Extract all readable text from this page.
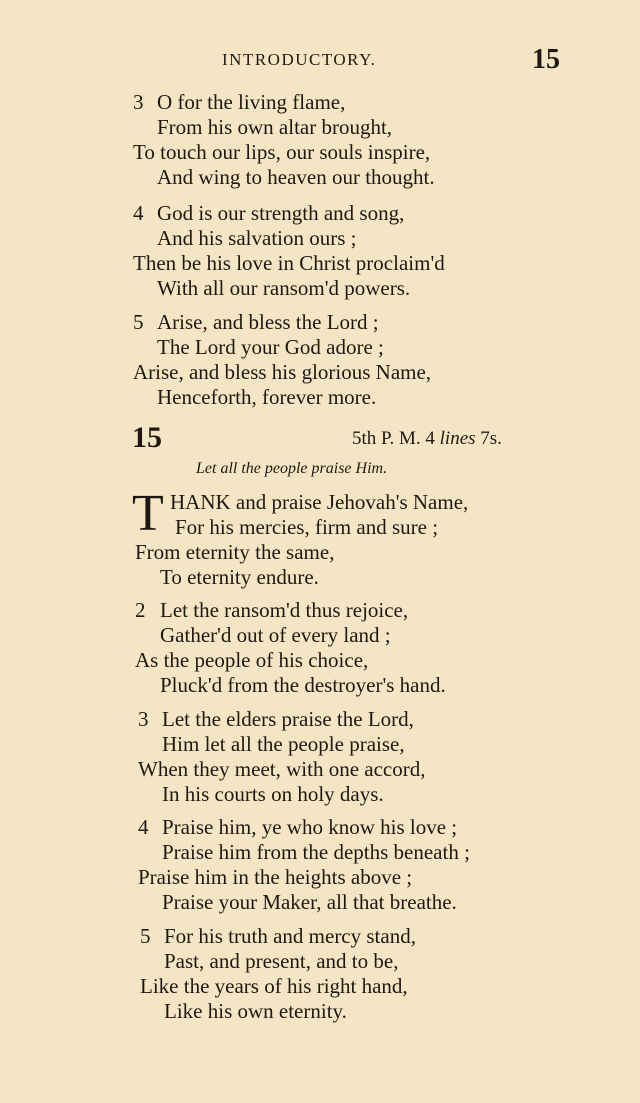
INTRODUCTORY.	15
3 O for the living flame,
From his own altar brought,
To touch our lips, our souls inspire,
And wing to heaven our thought.
4 God is our strength and song,
And his salvation ours ;
Then be his love in Christ proclaim'd
With all our ransom'd powers.
5 Arise, and bless the Lord ;
The Lord your God adore ;
Arise, and bless his glorious Name,
Henceforth, forever more.
15	5th P. M. 4 lines 7s.
Let all the people praise Him.
T HANK and praise Jehovah's Name,
For his mercies, firm and sure ;
From eternity the same,
To eternity endure.
2 Let the ransom'd thus rejoice,
Gather'd out of every land ;
As the people of his choice,
Pluck'd from the destroyer's hand.
3 Let the elders praise the Lord,
Him let all the people praise,
When they meet, with one accord,
In his courts on holy days.
4 Praise him, ye who know his love ;
Praise him from the depths beneath ;
Praise him in the heights above ;
Praise your Maker, all that breathe.
5 For his truth and mercy stand,
Past, and present, and to be,
Like the years of his right hand,
Like his own eternity.
